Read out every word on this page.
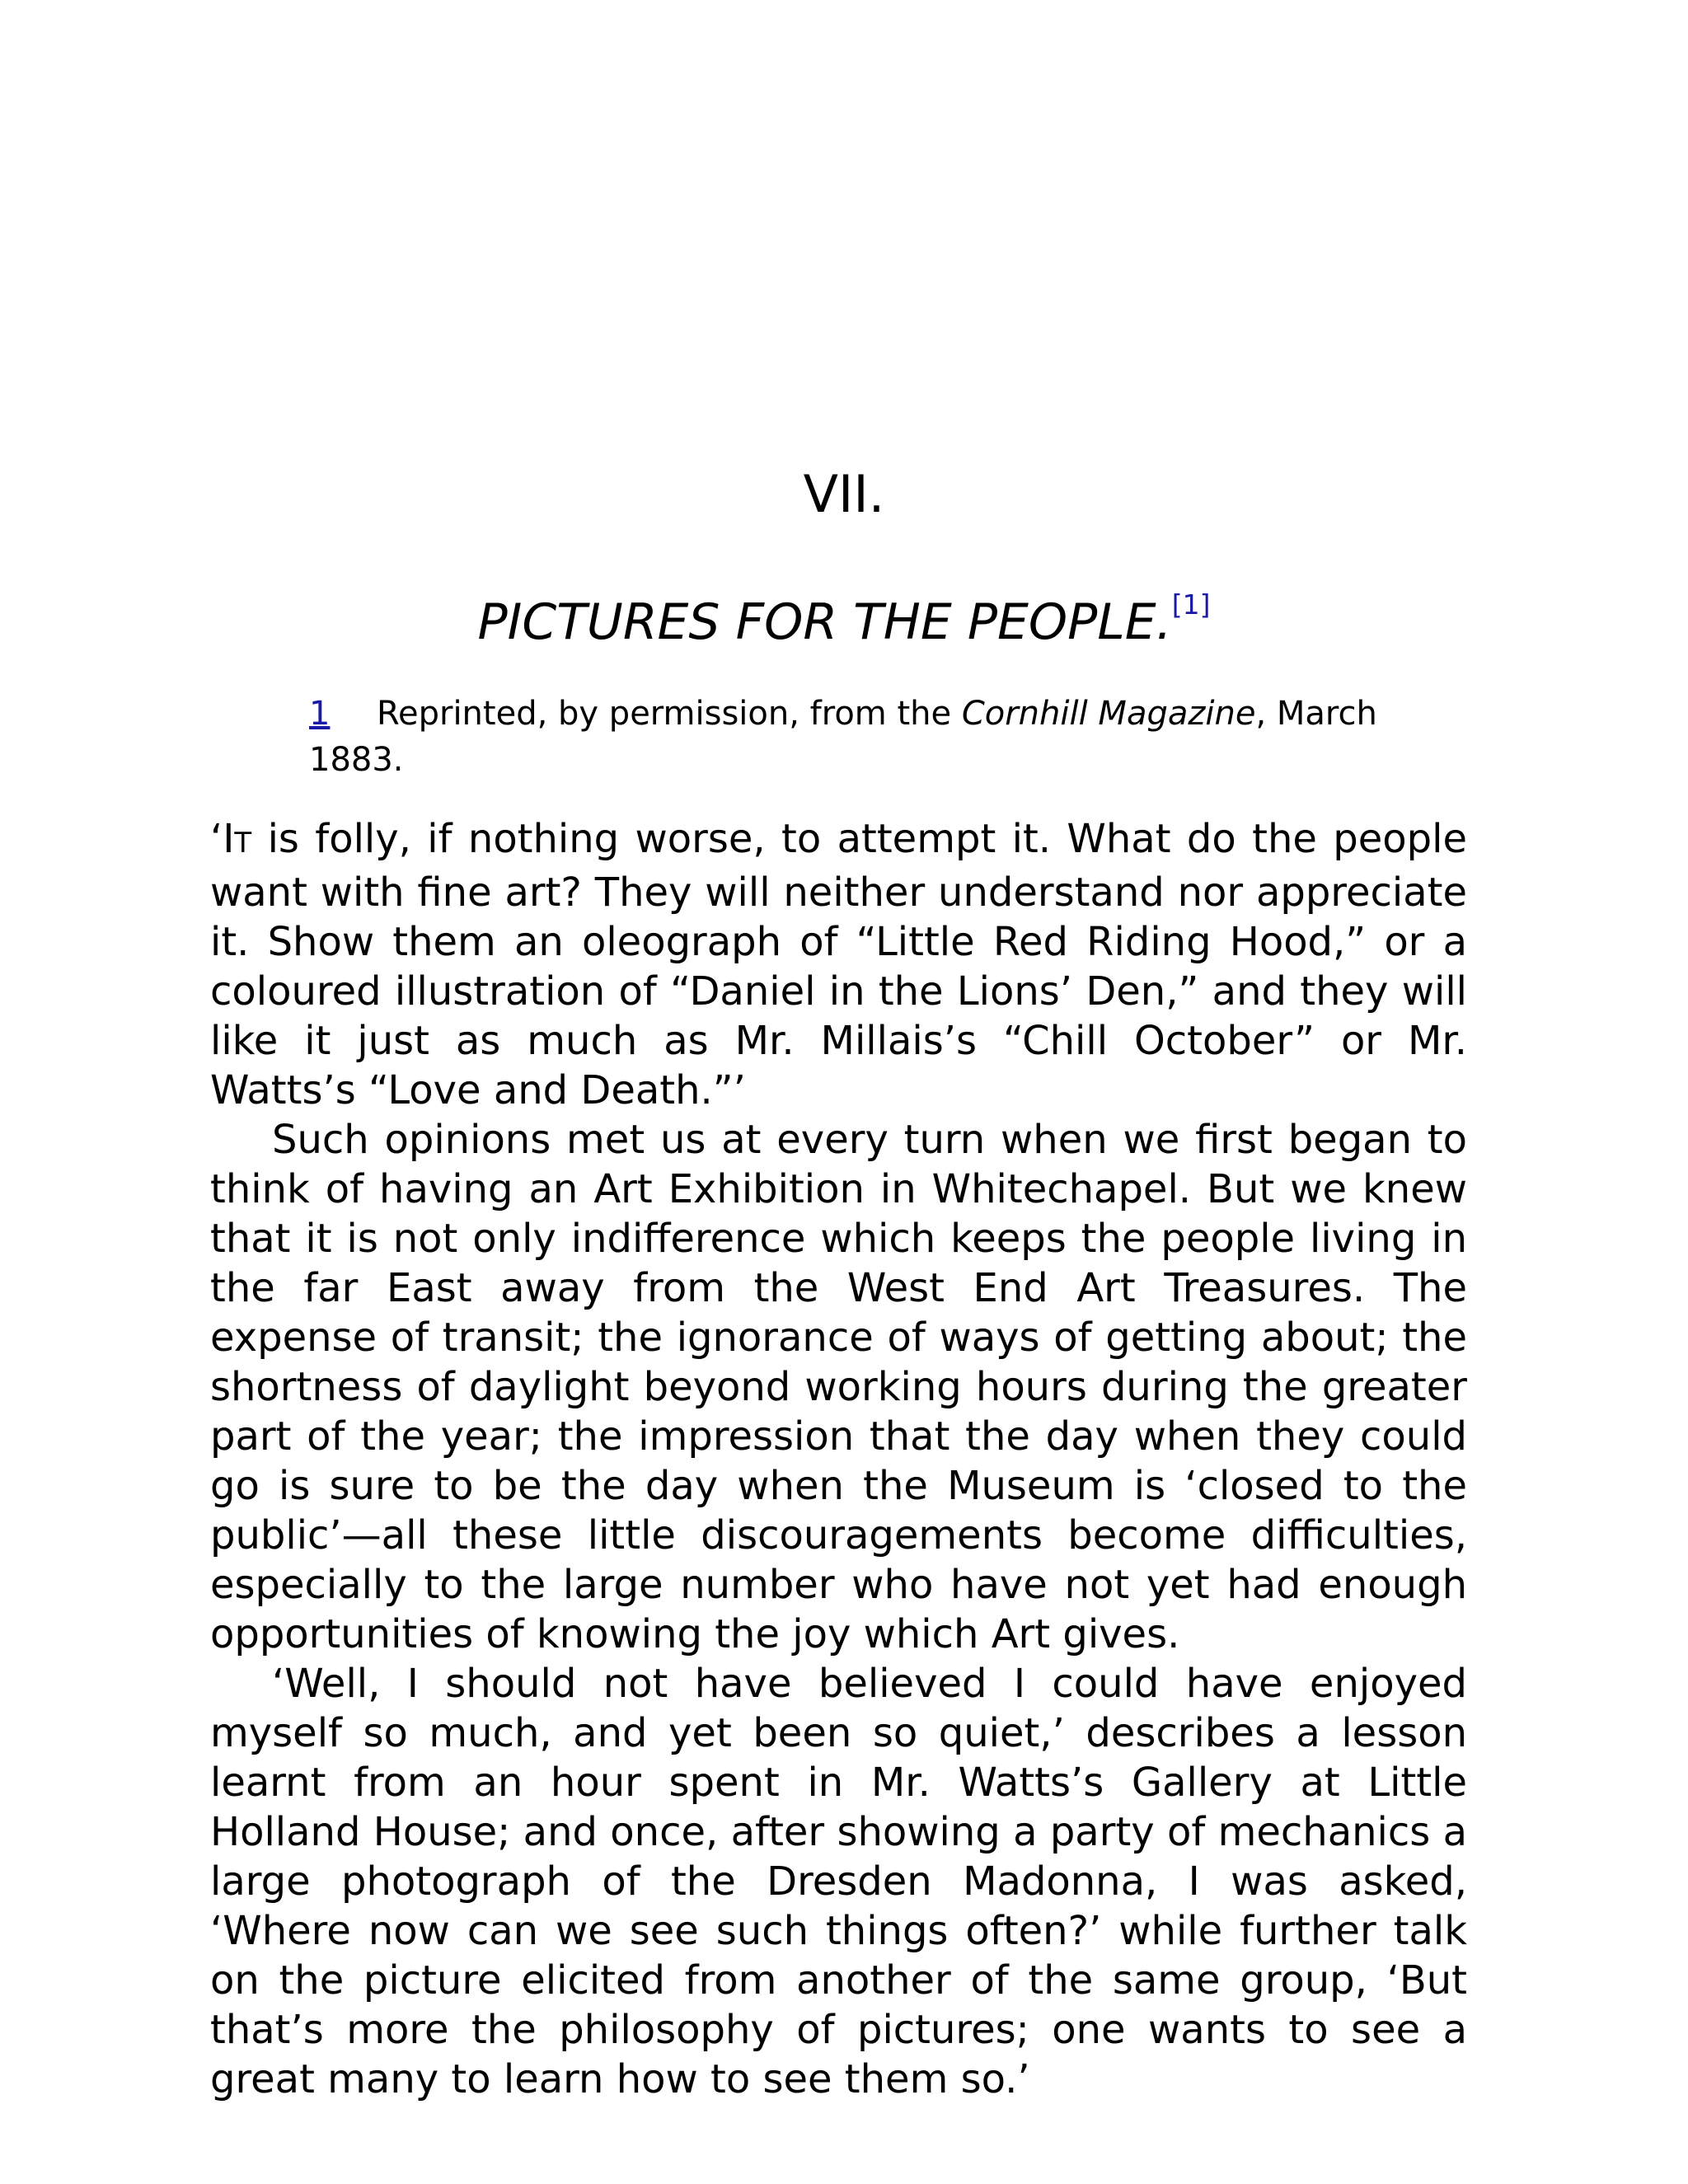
VII.
PICTURES FOR THE PEOPLE.[1]
1 Reprinted, by permission, from the Cornhill Magazine, March 1883.

‘IT is folly, if nothing worse, to attempt it. What do the people want with fine art? They will neither understand nor appreciate it. Show them an oleograph of “Little Red Riding Hood,” or a coloured illustration of “Daniel in the Lions’ Den,” and they will like it just as much as Mr. Millais’s “Chill October” or Mr. Watts’s “Love and Death.”’

Such opinions met us at every turn when we first began to think of having an Art Exhibition in Whitechapel. But we knew that it is not only indifference which keeps the people living in the far East away from the West End Art Treasures. The expense of transit; the ignorance of ways of getting about; the shortness of daylight beyond working hours during the greater part of the year; the impression that the day when they could go is sure to be the day when the Museum is ‘closed to the public’—all these little discouragements become difficulties, especially to the large number who have not yet had enough opportunities of knowing the joy which Art gives.

‘Well, I should not have believed I could have enjoyed myself so much, and yet been so quiet,’ describes a lesson learnt from an hour spent in Mr. Watts’s Gallery at Little Holland House; and once, after showing a party of mechanics a large photograph of the Dresden Madonna, I was asked, ‘Where now can we see such things often?’ while further talk on the picture elicited from another of the same group, ‘But that’s more the philosophy of pictures; one wants to see a great many to learn how to see them so.’
